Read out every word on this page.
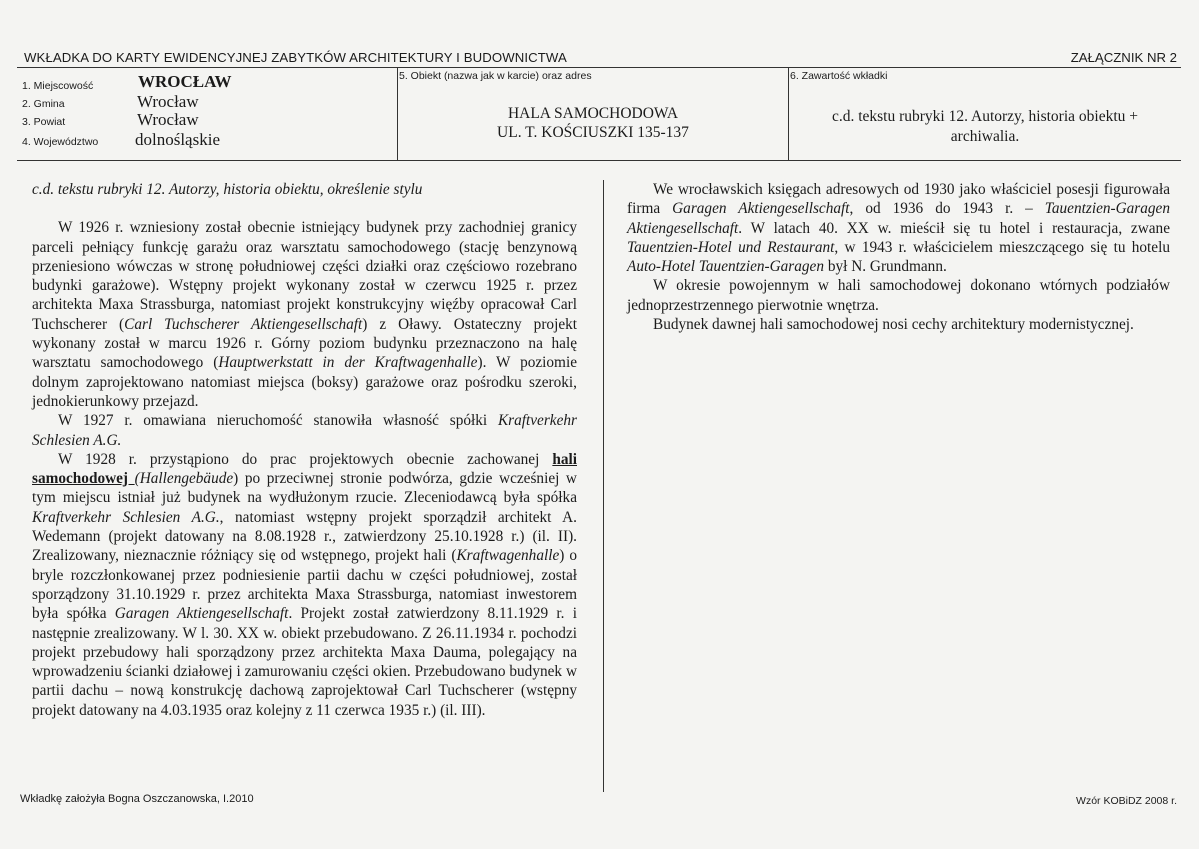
WKŁADKA DO KARTY EWIDENCYJNEJ ZABYTKÓW ARCHITEKTURY I BUDOWNICTWA	ZAŁĄCZNIK NR 2
1. Miejscowość	WROCŁAW
2. Gmina	Wrocław
3. Powiat	Wrocław
4. Województwo dolnośląskie
5. Obiekt (nazwa jak w karcie) oraz adres
HALA SAMOCHODOWA
UL. T. KOŚCIUSZKI 135-137
6. Zawartość wkładki
c.d. tekstu rubryki 12. Autorzy, historia obiektu +
archiwalia.

c.d. tekstu rubryki 12. Autorzy, historia obiektu, określenie stylu

W 1926 r. wzniesiony został obecnie istniejący budynek przy zachodniej granicy parceli pełniący funkcję garażu oraz warsztatu samochodowego (stację benzynową przeniesiono wówczas w stronę południowej części działki oraz częściowo rozebrano budynki garażowe). Wstępny projekt wykonany został w czerwcu 1925 r. przez architekta Maxa Strassburga, natomiast projekt konstrukcyjny więźby opracował Carl Tuchscherer (Carl Tuchscherer Aktiengesellschaft) z Oławy. Ostateczny projekt wykonany został w marcu 1926 r. Górny poziom budynku przeznaczono na halę warsztatu samochodowego (Hauptwerkstatt in der Kraftwagenhalle). W poziomie dolnym zaprojektowano natomiast miejsca (boksy) garażowe oraz pośrodku szeroki, jednokierunkowy przejazd.

W 1927 r. omawiana nieruchomość stanowiła własność spółki Kraftverkehr Schlesien A.G.

W 1928 r. przystąpiono do prac projektowych obecnie zachowanej hali samochodowej (Hallengebäude) po przeciwnej stronie podwórza, gdzie wcześniej w tym miejscu istniał już budynek na wydłużonym rzucie. Zleceniodawcą była spółka Kraftverkehr Schlesien A.G., natomiast wstępny projekt sporządził architekt A. Wedemann (projekt datowany na 8.08.1928 r., zatwierdzony 25.10.1928 r.) (il. II). Zrealizowany, nieznacznie różniący się od wstępnego, projekt hali (Kraftwagenhalle) o bryle rozczłonkowanej przez podniesienie partii dachu w części południowej, został sporządzony 31.10.1929 r. przez architekta Maxa Strassburga, natomiast inwestorem była spółka Garagen Aktiengesellschaft. Projekt został zatwierdzony 8.11.1929 r. i następnie zrealizowany. W l. 30. XX w. obiekt przebudowano. Z 26.11.1934 r. pochodzi projekt przebudowy hali sporządzony przez architekta Maxa Dauma, polegający na wprowadzeniu ścianki działowej i zamurowaniu części okien. Przebudowano budynek w partii dachu – nową konstrukcję dachową zaprojektował Carl Tuchscherer (wstępny projekt datowany na 4.03.1935 oraz kolejny z 11 czerwca 1935 r.) (il. III).

We wrocławskich księgach adresowych od 1930 jako właściciel posesji figurowała firma Garagen Aktiengesellschaft, od 1936 do 1943 r. – Tauentzien-Garagen Aktiengesellschaft. W latach 40. XX w. mieścił się tu hotel i restauracja, zwane Tauentzien-Hotel und Restaurant, w 1943 r. właścicielem mieszczącego się tu hotelu Auto-Hotel Tauentzien-Garagen był N. Grundmann.

W okresie powojennym w hali samochodowej dokonano wtórnych podziałów jednoprzestrzennego pierwotnie wnętrza.

Budynek dawnej hali samochodowej nosi cechy architektury modernistycznej.

Wkładkę założyła Bogna Oszczanowska, I.2010	Wzór KOBiDZ 2008 r.
